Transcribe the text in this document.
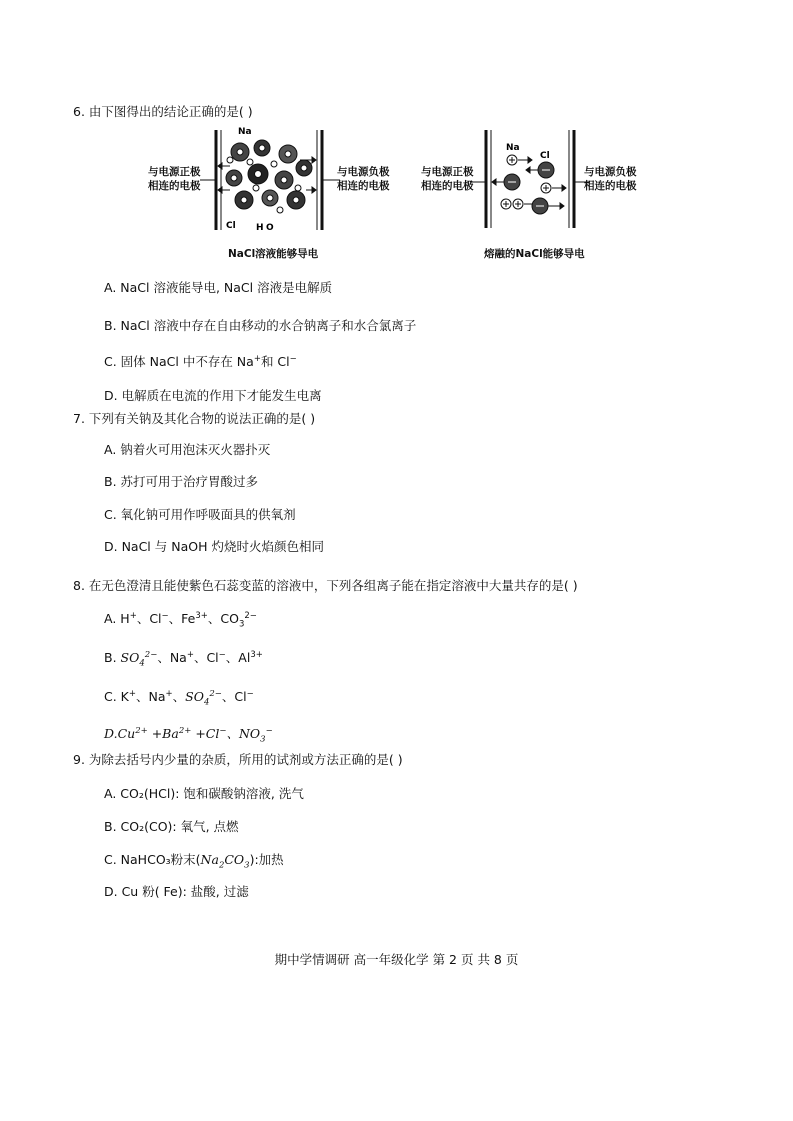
6. 由下图得出的结论正确的是( )
与电源正极
相连的电极
与电源负极
相连的电极
Na
Cl H O
NaCl溶液能够导电
与电源正极
相连的电极
与电源负极
相连的电极
Na
Cl
熔融的NaCl能够导电
A. NaCl 溶液能导电, NaCl 溶液是电解质
B. NaCl 溶液中存在自由移动的水合钠离子和水合氯离子
C. 固体 NaCl 中不存在 Na+和 Cl−
D. 电解质在电流的作用下才能发生电离
7. 下列有关钠及其化合物的说法正确的是( )
A. 钠着火可用泡沫灭火器扑灭
B. 苏打可用于治疗胃酸过多
C. 氧化钠可用作呼吸面具的供氧剂
D. NaCl 与 NaOH 灼烧时火焰颜色相同
8. 在无色澄清且能使紫色石蕊变蓝的溶液中，下列各组离子能在指定溶液中大量共存的是( )
A. H+、Cl−、$Fe^{3+}$、$CO_3^{2-}$
B. $SO_4^{2-}$、Na+、Cl−、$Al^{3+}$
C. K+、Na+、$SO_4^{2-}$、Cl−
$D.Cu^{2+} +Ba^{2+} +Cl^-$、$NO_3^-$
9. 为除去括号内少量的杂质，所用的试剂或方法正确的是( )
A. CO₂(HCl): 饱和碳酸钠溶液, 洗气
B. CO₂(CO): 氧气, 点燃
C. NaHCO₃粉末$(Na_2CO_3)$:加热
D. Cu 粉( Fe): 盐酸, 过滤
期中学情调研 高一年级化学 第 2 页 共 8 页
